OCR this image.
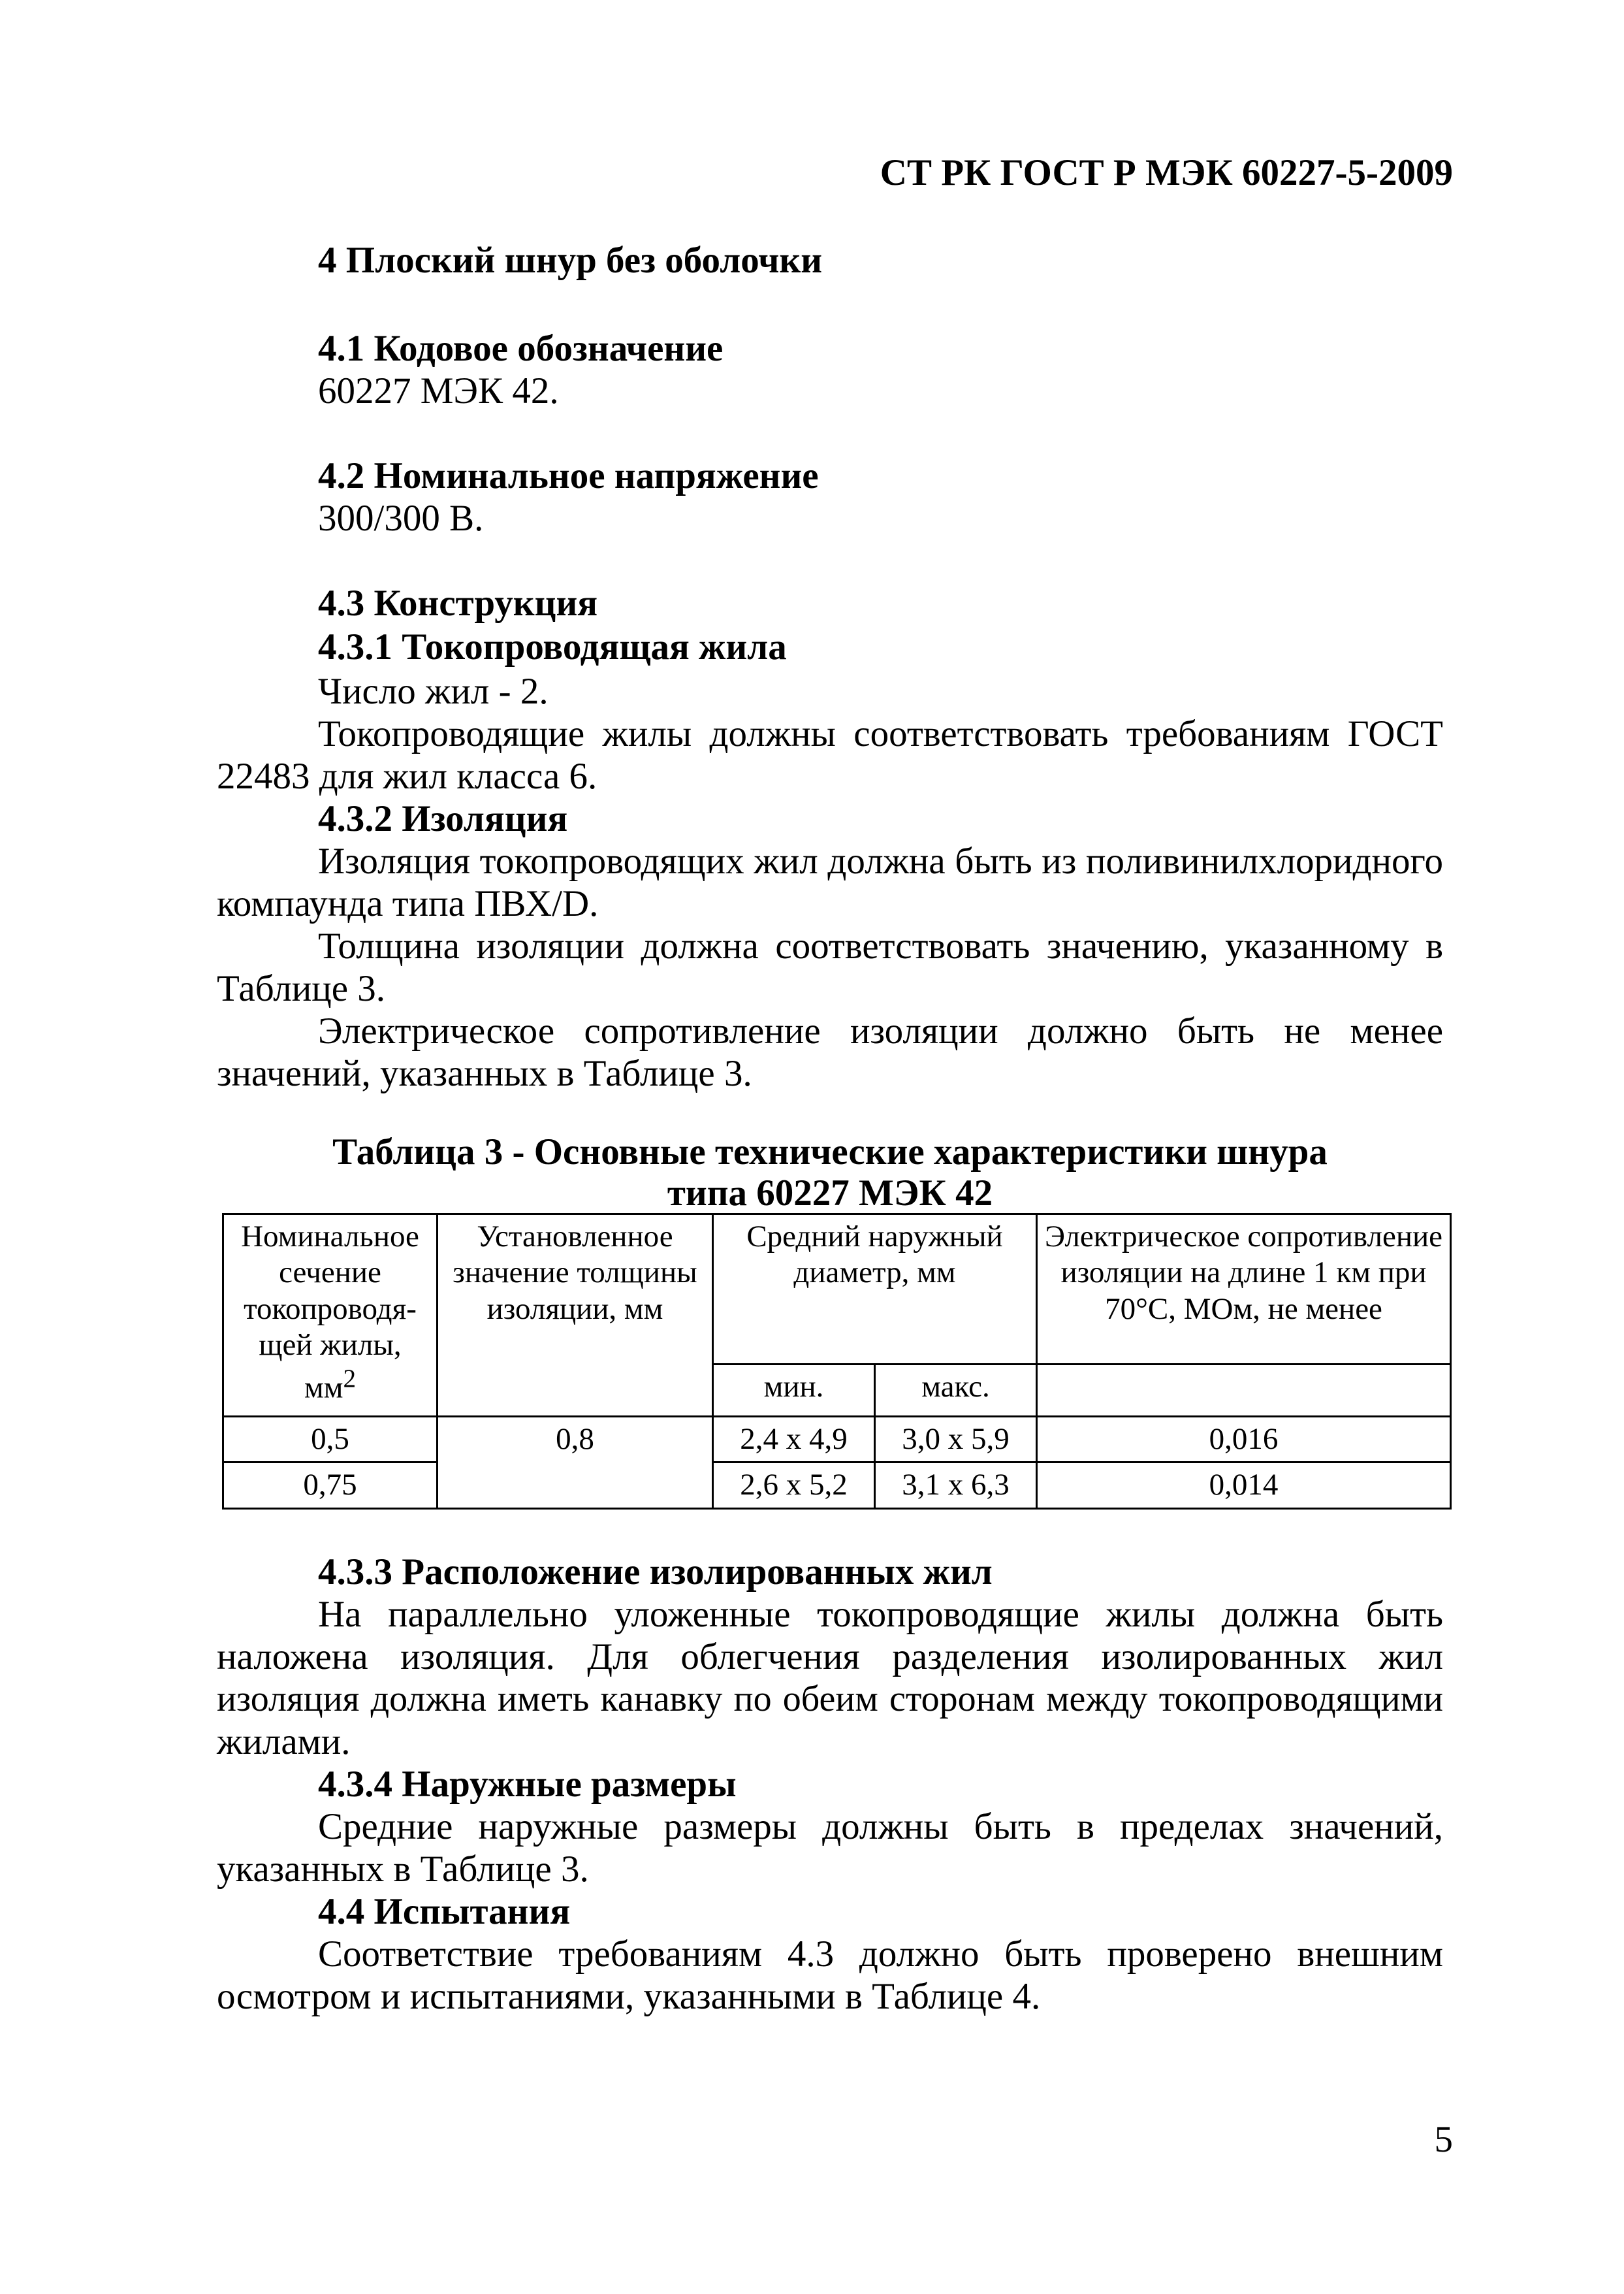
СТ РК ГОСТ Р МЭК 60227-5-2009
4 Плоский шнур без оболочки
4.1 Кодовое обозначение
60227 МЭК 42.
4.2 Номинальное напряжение
300/300 В.
4.3 Конструкция
4.3.1 Токопроводящая жила
Число жил - 2.
Токопроводящие жилы должны соответствовать требованиям ГОСТ
22483 для жил класса 6.
4.3.2 Изоляция
Изоляция токопроводящих жил должна быть из поливинилхлоридного
компаунда типа ПВХ/D.
Толщина изоляции должна соответствовать значению, указанному в
Таблице 3.
Электрическое сопротивление изоляции должно быть не менее
значений, указанных в Таблице 3.
Таблица 3 - Основные технические характеристики шнура
типа 60227 МЭК 42
Номинальное сечение токопроводя-щей жилы, $мм^2$	Установленное значение толщины изоляции, мм	Средний наружный диаметр, мм		Электрическое сопротивление изоляции на длине 1 км при 70°С, МОм, не менее
		мин.	макс.	
0,5	0,8	2,4 х 4,9	3,0 х 5,9	0,016
0,75		2,6 х 5,2	3,1 х 6,3	0,014
4.3.3 Расположение изолированных жил
На параллельно уложенные токопроводящие жилы должна быть
наложена изоляция. Для облегчения разделения изолированных жил
изоляция должна иметь канавку по обеим сторонам между токопроводящими
жилами.
4.3.4 Наружные размеры
Средние наружные размеры должны быть в пределах значений,
указанных в Таблице 3.
4.4 Испытания
Соответствие требованиям 4.3 должно быть проверено внешним
осмотром и испытаниями, указанными в Таблице 4.
5
